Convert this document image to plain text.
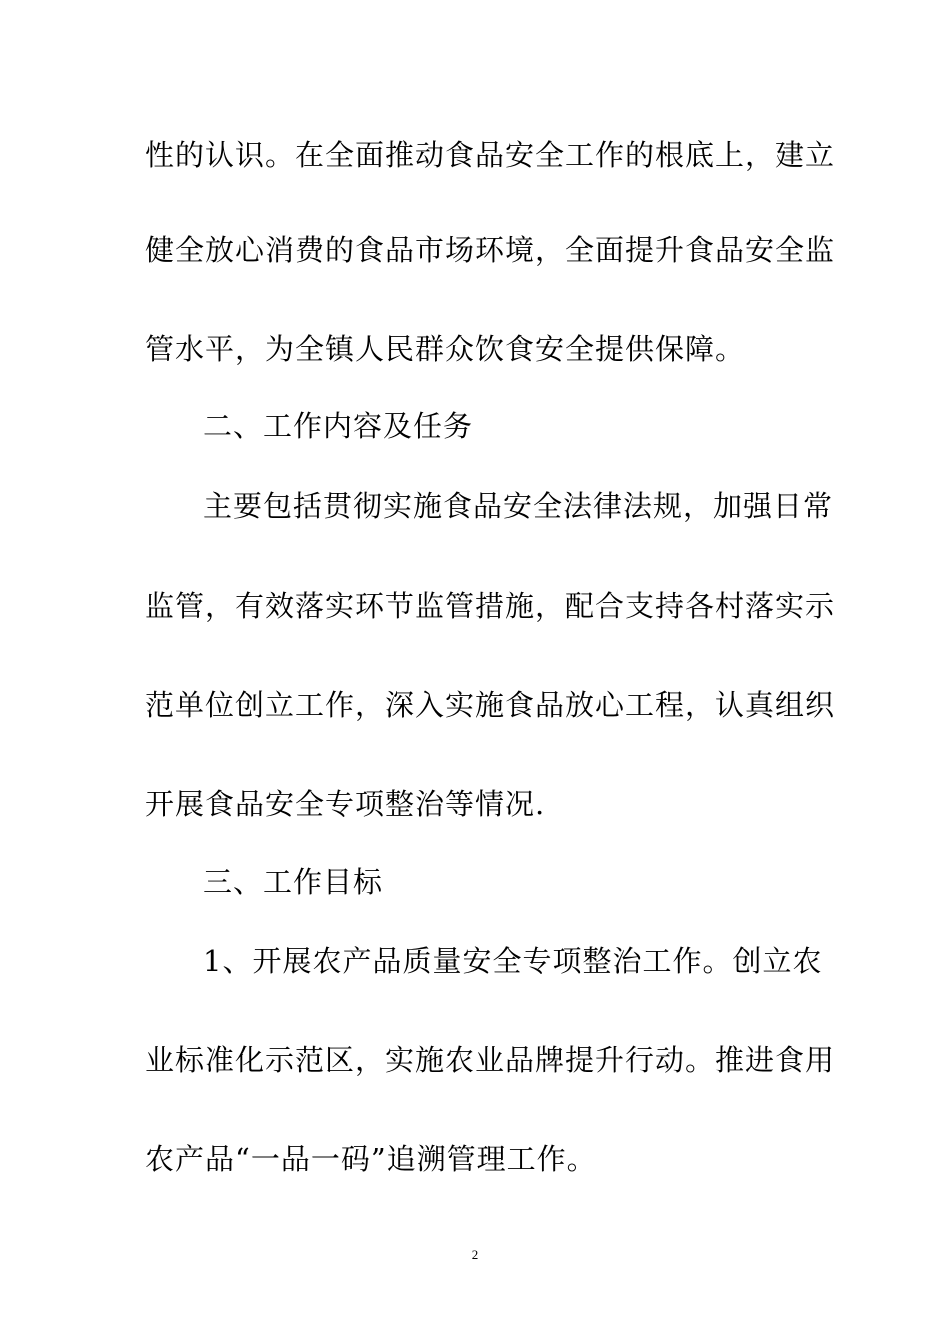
性的认识。在全面推动食品安全工作的根底上，建立
健全放心消费的食品市场环境，全面提升食品安全监
管水平，为全镇人民群众饮食安全提供保障。
二、工作内容及任务
主要包括贯彻实施食品安全法律法规，加强日常
监管，有效落实环节监管措施，配合支持各村落实示
范单位创立工作，深入实施食品放心工程，认真组织
开展食品安全专项整治等情况.
三、工作目标
1、开展农产品质量安全专项整治工作。创立农
业标准化示范区，实施农业品牌提升行动。推进食用
农产品“一品一码”追溯管理工作。
2
